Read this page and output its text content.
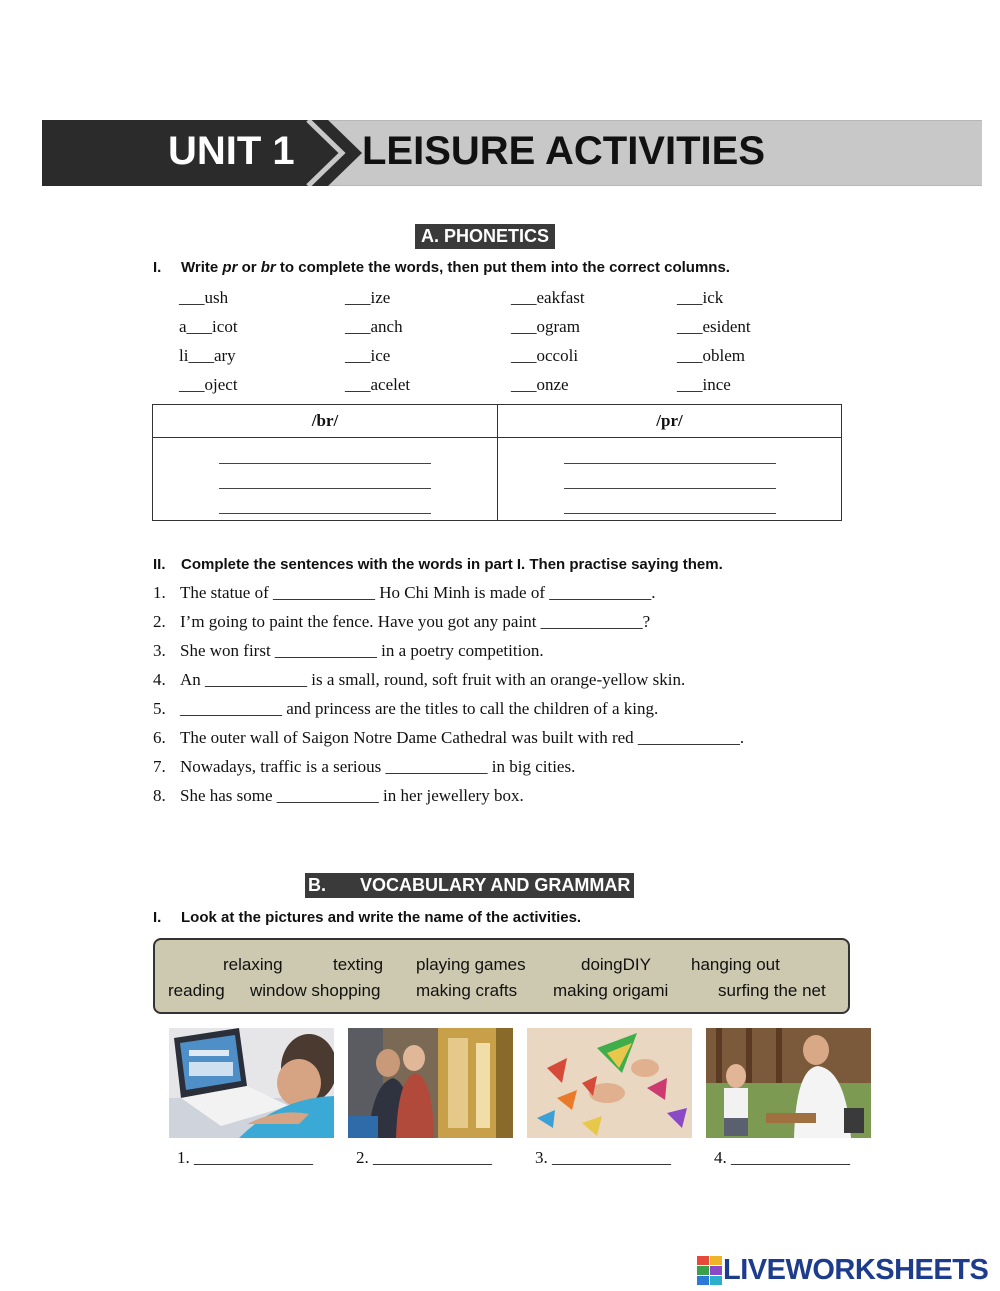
UNIT 1 LEISURE ACTIVITIES
A. PHONETICS
I. Write pr or br to complete the words, then put them into the correct columns.
___ush	___ize	___eakfast	___ick
a___icot	___anch	___ogram	___esident
li___ary	___ice	___occoli	___oblem
___oject	___acelet	___onze	___ince
/br/	/pr/

II. Complete the sentences with the words in part I. Then practise saying them.
1. The statue of ____________ Ho Chi Minh is made of ____________.
2. I’m going to paint the fence. Have you got any paint ____________?
3. She won first ____________ in a poetry competition.
4. An ____________ is a small, round, soft fruit with an orange-yellow skin.
5. ____________ and princess are the titles to call the children of a king.
6. The outer wall of Saigon Notre Dame Cathedral was built with red ____________.
7. Nowadays, traffic is a serious ____________ in big cities.
8. She has some ____________ in her jewellery box.
B. VOCABULARY AND GRAMMAR
I. Look at the pictures and write the name of the activities.
relaxing	texting playing games	doingDIY hanging out
reading window shopping making crafts making origami	surfing the net
1. ______________	2. ______________	3. ______________	4. ______________
LIVEWORKSHEETS
